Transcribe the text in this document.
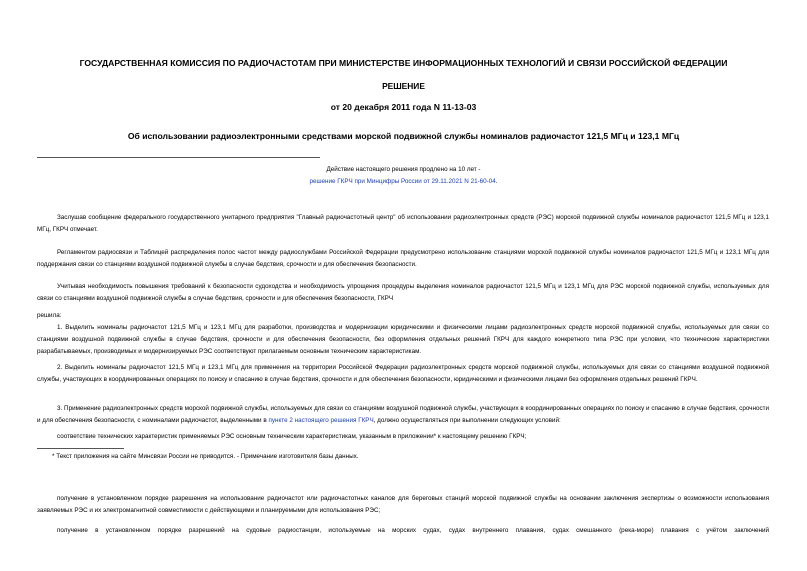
ГОСУДАРСТВЕННАЯ КОМИССИЯ ПО РАДИОЧАСТОТАМ ПРИ МИНИСТЕРСТВЕ ИНФОРМАЦИОННЫХ ТЕХНОЛОГИЙ И СВЯЗИ РОССИЙСКОЙ ФЕДЕРАЦИИ
РЕШЕНИЕ
от 20 декабря 2011 года N 11-13-03
Об использовании радиоэлектронными средствами морской подвижной службы номиналов радиочастот 121,5 МГц и 123,1 МГц
Действие настоящего решения продлено на 10 лет -
решение ГКРЧ при Минцифры России от 29.11.2021 N 21-60-04.
Заслушав сообщение федерального государственного унитарного предприятия "Главный радиочастотный центр" об использовании радиоэлектронных средств (РЭС) морской подвижной службы номиналов радиочастот 121,5 МГц и 123,1 МГц, ГКРЧ отмечает.
Регламентом радиосвязи и Таблицей распределения полос частот между радиослужбами Российской Федерации предусмотрено использование станциями морской подвижной службы номиналов радиочастот 121,5 МГц и 123,1 МГц для поддержания связи со станциями воздушной подвижной службы в случае бедствия, срочности и для обеспечения безопасности.
Учитывая необходимость повышения требований к безопасности судоходства и необходимость упрощения процедуры выделения номиналов радиочастот 121,5 МГц и 123,1 МГц для РЭС морской подвижной службы, используемых для связи со станциями воздушной подвижной службы в случае бедствия, срочности и для обеспечения безопасности, ГКРЧ
решила:
1. Выделить номиналы радиочастот 121,5 МГц и 123,1 МГц для разработки, производства и модернизации юридическими и физическими лицами радиоэлектронных средств морской подвижной службы, используемых для связи со станциями воздушной подвижной службы в случае бедствия, срочности и для обеспечения безопасности, без оформления отдельных решений ГКРЧ для каждого конкретного типа РЭС при условии, что технические характеристики разрабатываемых, производимых и модернизируемых РЭС соответствуют прилагаемым основным техническим характеристикам.
2. Выделить номиналы радиочастот 121,5 МГц и 123,1 МГц для применения на территории Российской Федерации радиоэлектронных средств морской подвижной службы, используемых для связи со станциями воздушной подвижной службы, участвующих в координированных операциях по поиску и спасанию в случае бедствия, срочности и для обеспечения безопасности, юридическими и физическими лицами без оформления отдельных решений ГКРЧ.
3. Применение радиоэлектронных средств морской подвижной службы, используемых для связи со станциями воздушной подвижной службы, участвующих в координированных операциях по поиску и спасанию в случае бедствия, срочности и для обеспечения безопасности, с номиналами радиочастот, выделенными в пункте 2 настоящего решения ГКРЧ, должно осуществляться при выполнении следующих условий:
соответствие технических характеристик применяемых РЭС основным техническим характеристикам, указанным в приложении* к настоящему решению ГКРЧ;
* Текст приложения на сайте Минсвязи России не приводится. - Примечание изготовителя базы данных.
получение в установленном порядке разрешения на использование радиочастот или радиочастотных каналов для береговых станций морской подвижной службы на основании заключения экспертизы о возможности использования заявляемых РЭС и их электромагнитной совместимости с действующими и планируемыми для использования РЭС;
получение в установленном порядке разрешений на судовые радиостанции, используемые на морских судах, судах внутреннего плавания, судах смешанного (река-море) плавания с учётом заключений
